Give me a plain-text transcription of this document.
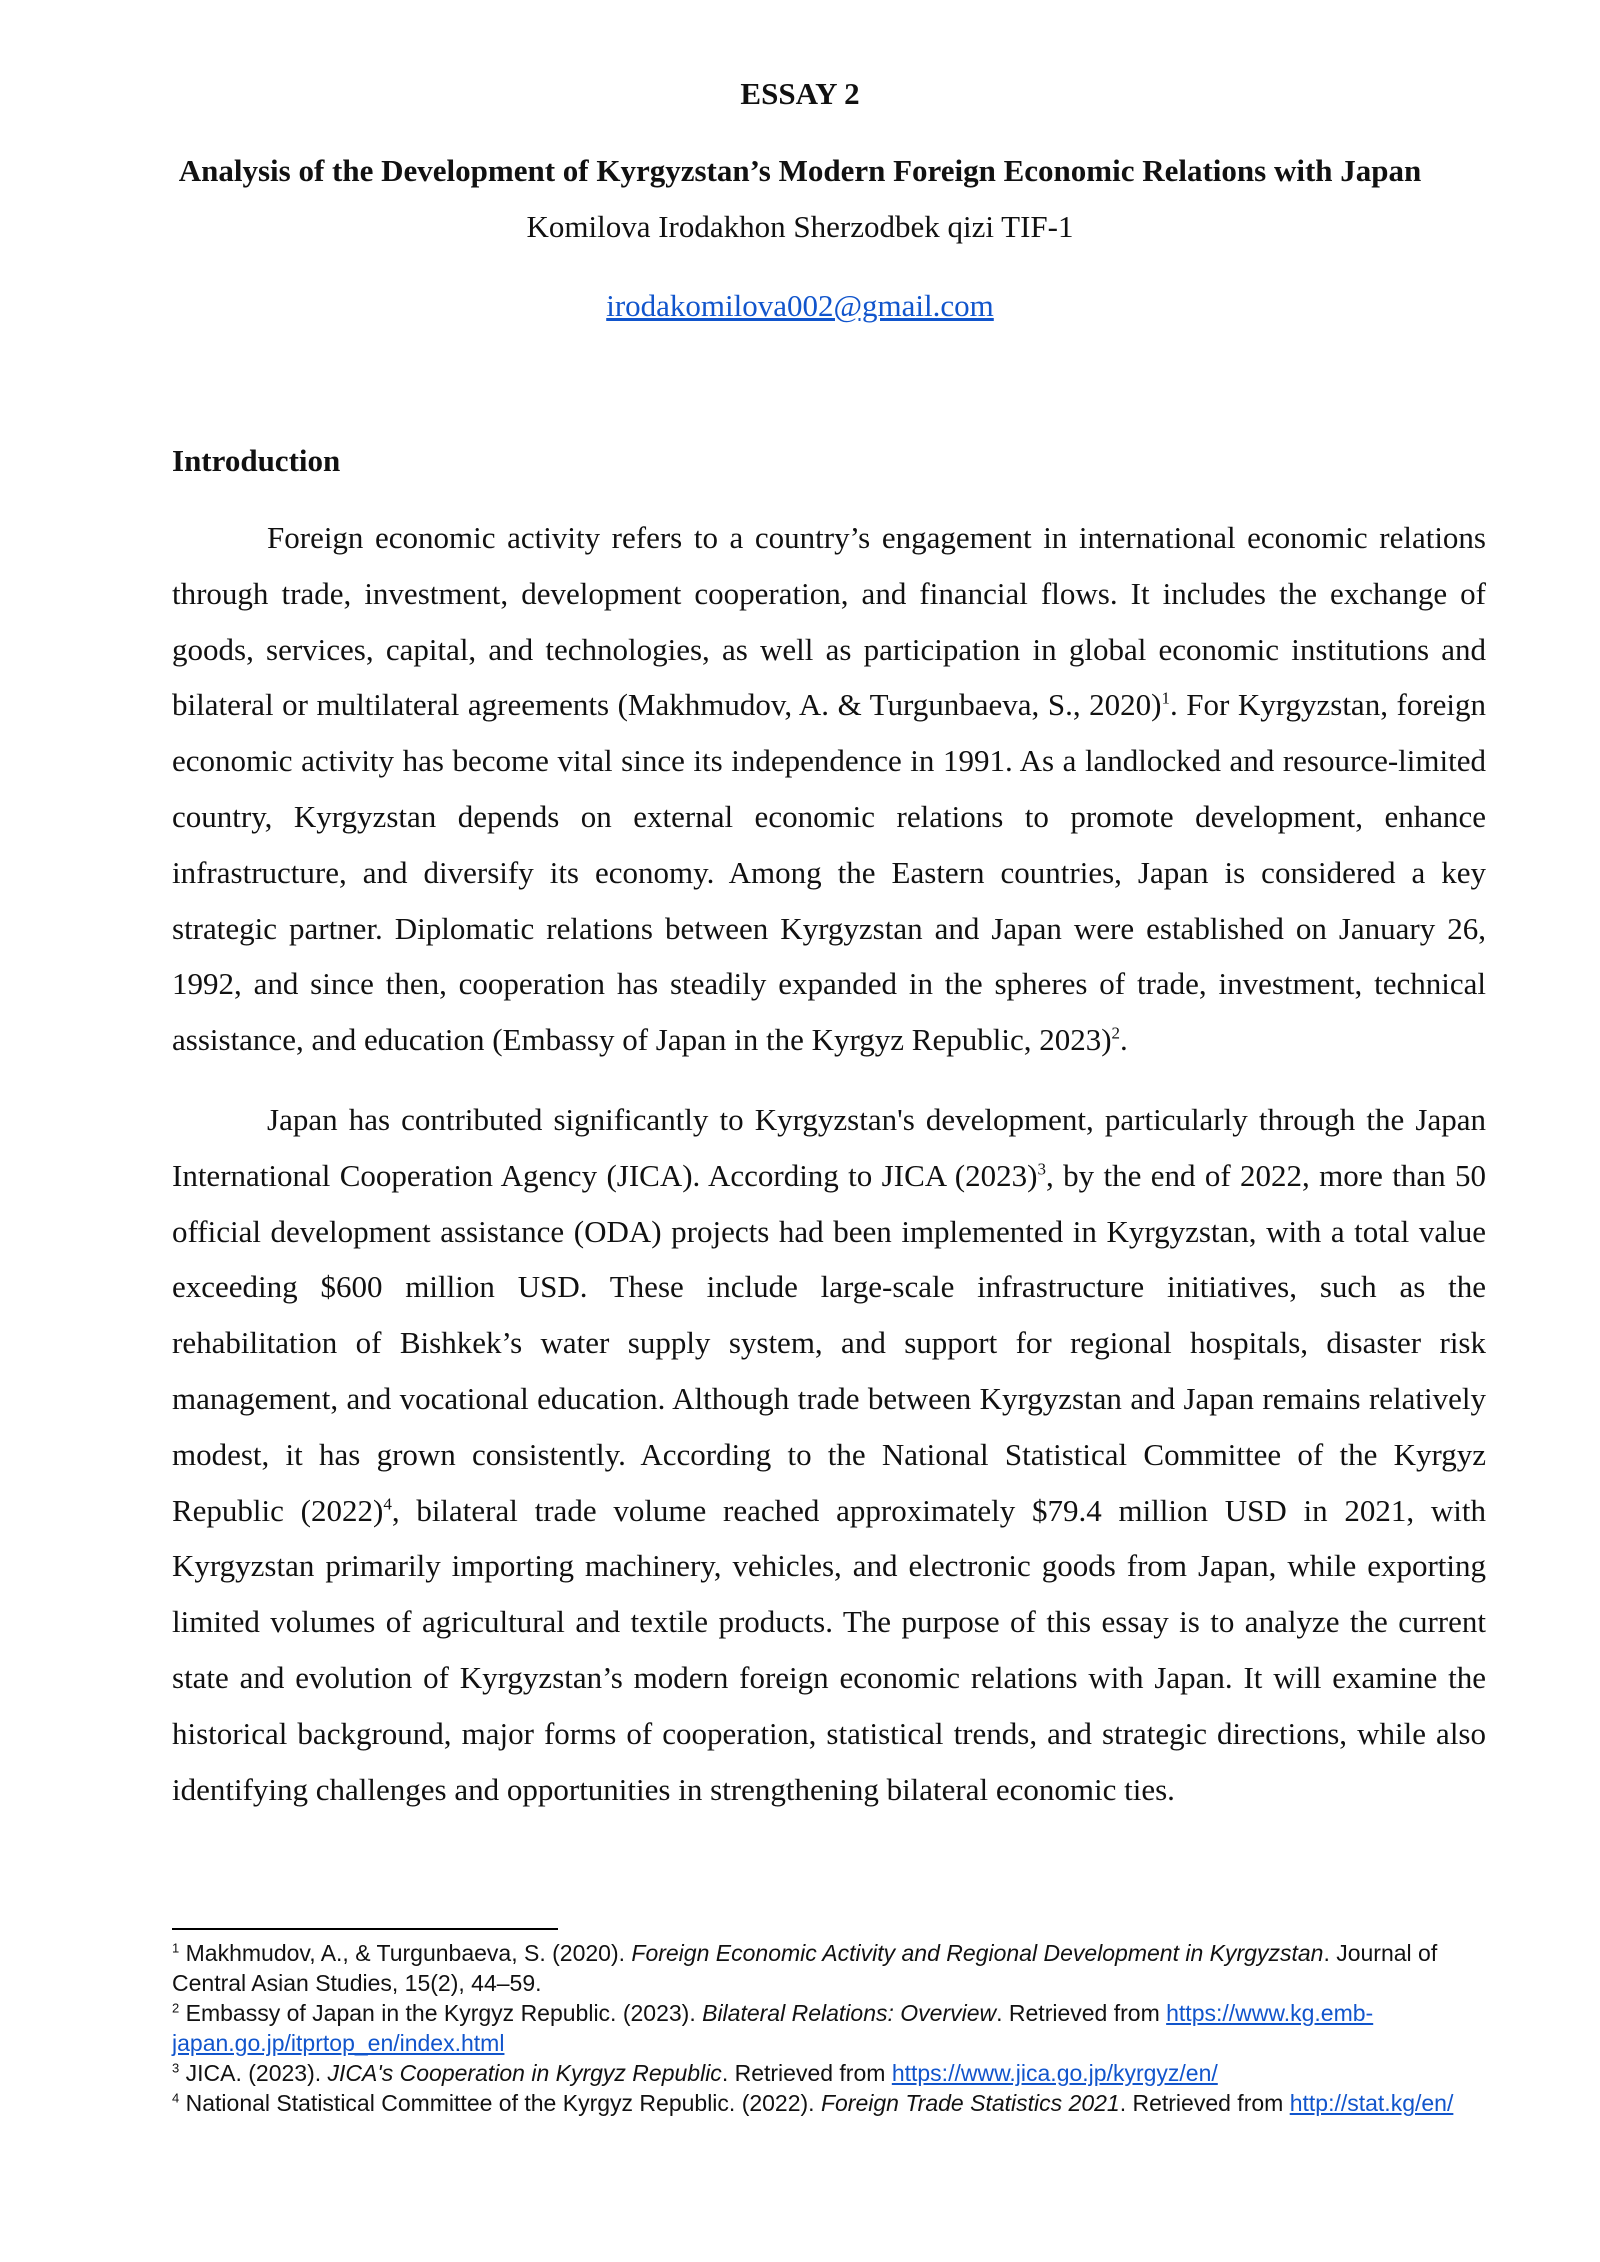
ESSAY 2
Analysis of the Development of Kyrgyzstan’s Modern Foreign Economic Relations with Japan
Komilova Irodakhon Sherzodbek qizi TIF-1
irodakomilova002@gmail.com
Introduction

Foreign economic activity refers to a country’s engagement in international economic relations through trade, investment, development cooperation, and financial flows. It includes the exchange of goods, services, capital, and technologies, as well as participation in global economic institutions and bilateral or multilateral agreements (Makhmudov, A. & Turgunbaeva, S., 2020)$^1$. For Kyrgyzstan, foreign economic activity has become vital since its independence in 1991. As a landlocked and resource-limited country, Kyrgyzstan depends on external economic relations to promote development, enhance infrastructure, and diversify its economy. Among the Eastern countries, Japan is considered a key strategic partner. Diplomatic relations between Kyrgyzstan and Japan were established on January 26, 1992, and since then, cooperation has steadily expanded in the spheres of trade, investment, technical assistance, and education (Embassy of Japan in the Kyrgyz Republic, 2023)$^2$.

Japan has contributed significantly to Kyrgyzstan's development, particularly through the Japan International Cooperation Agency (JICA). According to JICA $(2023)^3$, by the end of 2022, more than 50 official development assistance (ODA) projects had been implemented in Kyrgyzstan, with a total value exceeding $600 million USD. These include large-scale infrastructure initiatives, such as the rehabilitation of Bishkek’s water supply system, and support for regional hospitals, disaster risk management, and vocational education. Although trade between Kyrgyzstan and Japan remains relatively modest, it has grown consistently. According to the National Statistical Committee of the Kyrgyz Republic $(2022)^4$, bilateral trade volume reached approximately $79.4 million USD in 2021, with Kyrgyzstan primarily importing machinery, vehicles, and electronic goods from Japan, while exporting limited volumes of agricultural and textile products. The purpose of this essay is to analyze the current state and evolution of Kyrgyzstan’s modern foreign economic relations with Japan. It will examine the historical background, major forms of cooperation, statistical trends, and strategic directions, while also identifying challenges and opportunities in strengthening bilateral economic ties.

$^1$ Makhmudov, A., & Turgunbaeva, S. (2020). Foreign Economic Activity and Regional Development in Kyrgyzstan. Journal of Central Asian Studies, 15(2), 44–59.

$^2$ Embassy of Japan in the Kyrgyz Republic. (2023). Bilateral Relations: Overview. Retrieved from https://www.kg.emb-japan.go.jp/itprtop_en/index.html

$^3$ JICA. (2023). JICA's Cooperation in Kyrgyz Republic. Retrieved from https://www.jica.go.jp/kyrgyz/en/

$^4$ National Statistical Committee of the Kyrgyz Republic. (2022). Foreign Trade Statistics 2021. Retrieved from http://stat.kg/en/
